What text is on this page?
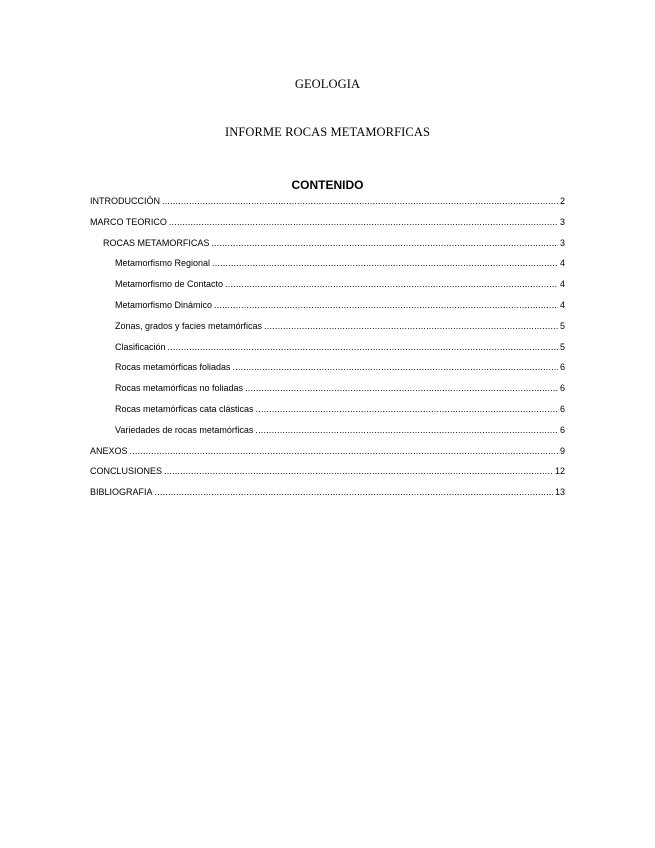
GEOLOGIA
INFORME ROCAS METAMORFICAS
CONTENIDO
INTRODUCCIÓN .....	2
MARCO TEORICO .....	3
ROCAS METAMORFICAS .....	3
Metamorfismo Regional .....	4
Metamorfismo de Contacto .....	4
Metamorfismo Dinámico .....	4
Zonas, grados y facies metamórficas .....	5
Clasificación .....	5
Rocas metamórficas foliadas .....	6
Rocas metamórficas no foliadas .....	6
Rocas metamórficas cata clásticas .....	6
Variedades de rocas metamórficas .....	6
ANEXOS .....	9
CONCLUSIONES .....	12
BIBLIOGRAFIA .....	13
